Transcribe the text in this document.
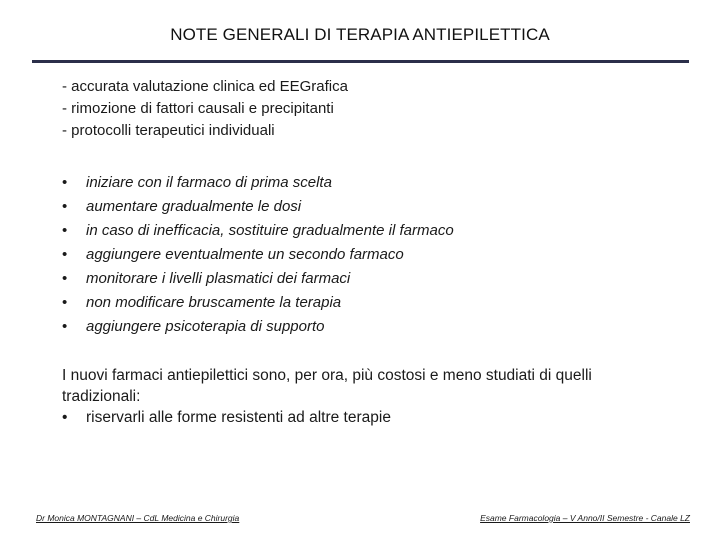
NOTE GENERALI DI TERAPIA ANTIEPILETTICA
- accurata valutazione clinica ed EEGrafica
- rimozione di fattori causali e precipitanti
- protocolli terapeutici individuali
•	iniziare con il farmaco di prima scelta
•	aumentare gradualmente le dosi
•	in caso di inefficacia, sostituire gradualmente il farmaco
•	aggiungere eventualmente un secondo farmaco
•	monitorare i livelli plasmatici dei farmaci
•	non modificare bruscamente la terapia
•	aggiungere psicoterapia di supporto
I nuovi farmaci antiepilettici sono, per ora, più costosi e meno studiati di quelli tradizionali:
•	riservarli alle forme resistenti ad altre terapie
Dr Monica MONTAGNANI – CdL Medicina e Chirurgia	Esame Farmacologia – V Anno/II Semestre - Canale LZ
